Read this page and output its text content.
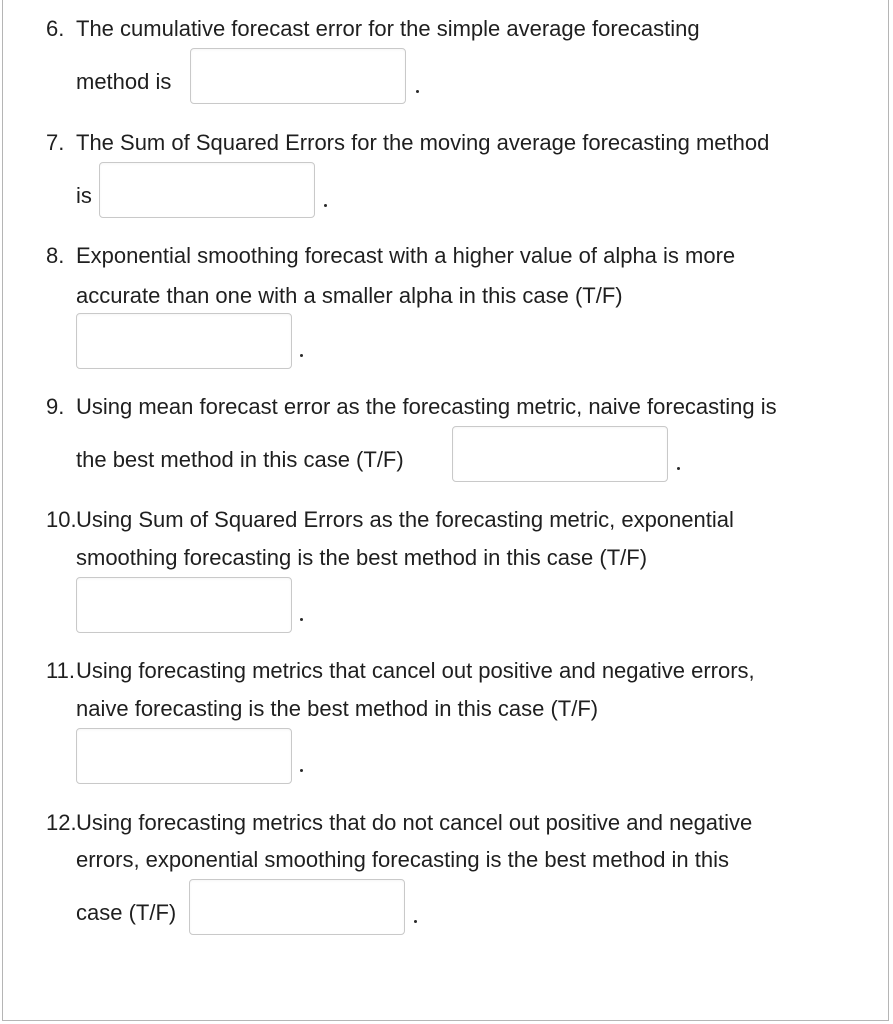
6. The cumulative forecast error for the simple average forecasting
method is
7. The Sum of Squared Errors for the moving average forecasting method
is
8. Exponential smoothing forecast with a higher value of alpha is more
accurate than one with a smaller alpha in this case (T/F)
9. Using mean forecast error as the forecasting metric, naive forecasting is
the best method in this case (T/F)
10. Using Sum of Squared Errors as the forecasting metric, exponential
smoothing forecasting is the best method in this case (T/F)
11. Using forecasting metrics that cancel out positive and negative errors,
naive forecasting is the best method in this case (T/F)
12. Using forecasting metrics that do not cancel out positive and negative
errors, exponential smoothing forecasting is the best method in this
case (T/F)
